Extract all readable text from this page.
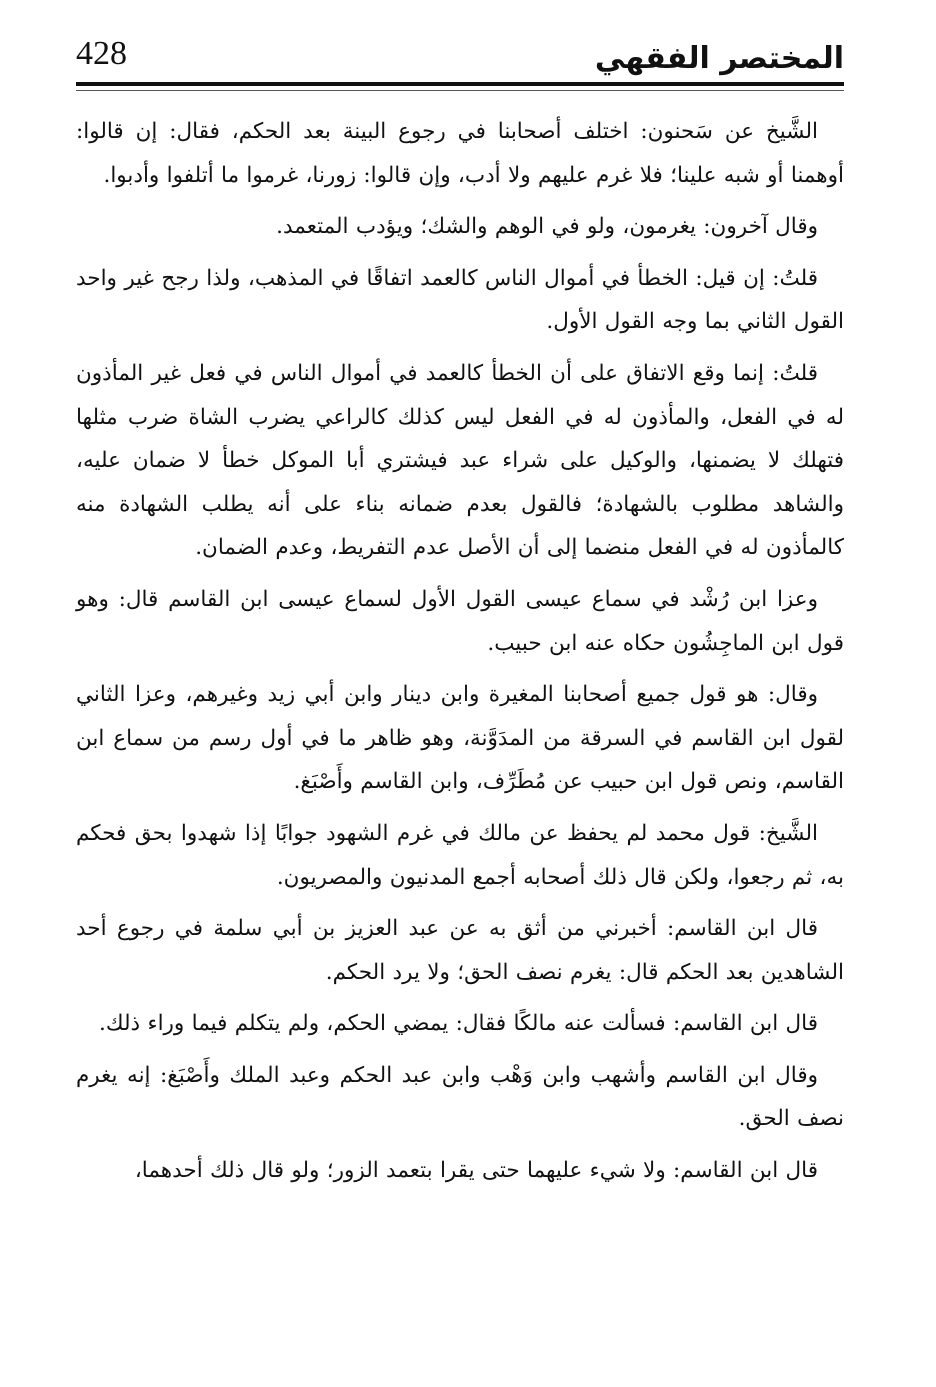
428	المختصر الفقهي

الشَّيخ عن سَحنون: اختلف أصحابنا في رجوع البينة بعد الحكم، فقال: إن قالوا: أوهمنا أو شبه علينا؛ فلا غرم عليهم ولا أدب، وإن قالوا: زورنا، غرموا ما أتلفوا وأدبوا.

وقال آخرون: يغرمون، ولو في الوهم والشك؛ ويؤدب المتعمد.

قلتُ: إن قيل: الخطأ في أموال الناس كالعمد اتفاقًا في المذهب، ولذا رجح غير واحد القول الثاني بما وجه القول الأول.

قلتُ: إنما وقع الاتفاق على أن الخطأ كالعمد في أموال الناس في فعل غير المأذون له في الفعل، والمأذون له في الفعل ليس كذلك كالراعي يضرب الشاة ضرب مثلها فتهلك لا يضمنها، والوكيل على شراء عبد فيشتري أبا الموكل خطأ لا ضمان عليه، والشاهد مطلوب بالشهادة؛ فالقول بعدم ضمانه بناء على أنه يطلب الشهادة منه كالمأذون له في الفعل منضما إلى أن الأصل عدم التفريط، وعدم الضمان.

وعزا ابن رُشْد في سماع عيسى القول الأول لسماع عيسى ابن القاسم قال: وهو قول ابن الماجِشُون حكاه عنه ابن حبيب.

وقال: هو قول جميع أصحابنا المغيرة وابن دينار وابن أبي زيد وغيرهم، وعزا الثاني لقول ابن القاسم في السرقة من المدَوَّنة، وهو ظاهر ما في أول رسم من سماع ابن القاسم، ونص قول ابن حبيب عن مُطَرِّف، وابن القاسم وأَصْبَغ.

الشَّيخ: قول محمد لم يحفظ عن مالك في غرم الشهود جوابًا إذا شهدوا بحق فحكم به، ثم رجعوا، ولكن قال ذلك أصحابه أجمع المدنيون والمصريون.

قال ابن القاسم: أخبرني من أثق به عن عبد العزيز بن أبي سلمة في رجوع أحد الشاهدين بعد الحكم قال: يغرم نصف الحق؛ ولا يرد الحكم.

قال ابن القاسم: فسألت عنه مالكًا فقال: يمضي الحكم، ولم يتكلم فيما وراء ذلك.

وقال ابن القاسم وأشهب وابن وَهْب وابن عبد الحكم وعبد الملك وأَصْبَغ: إنه يغرم نصف الحق.

قال ابن القاسم: ولا شيء عليهما حتى يقرا بتعمد الزور؛ ولو قال ذلك أحدهما،
